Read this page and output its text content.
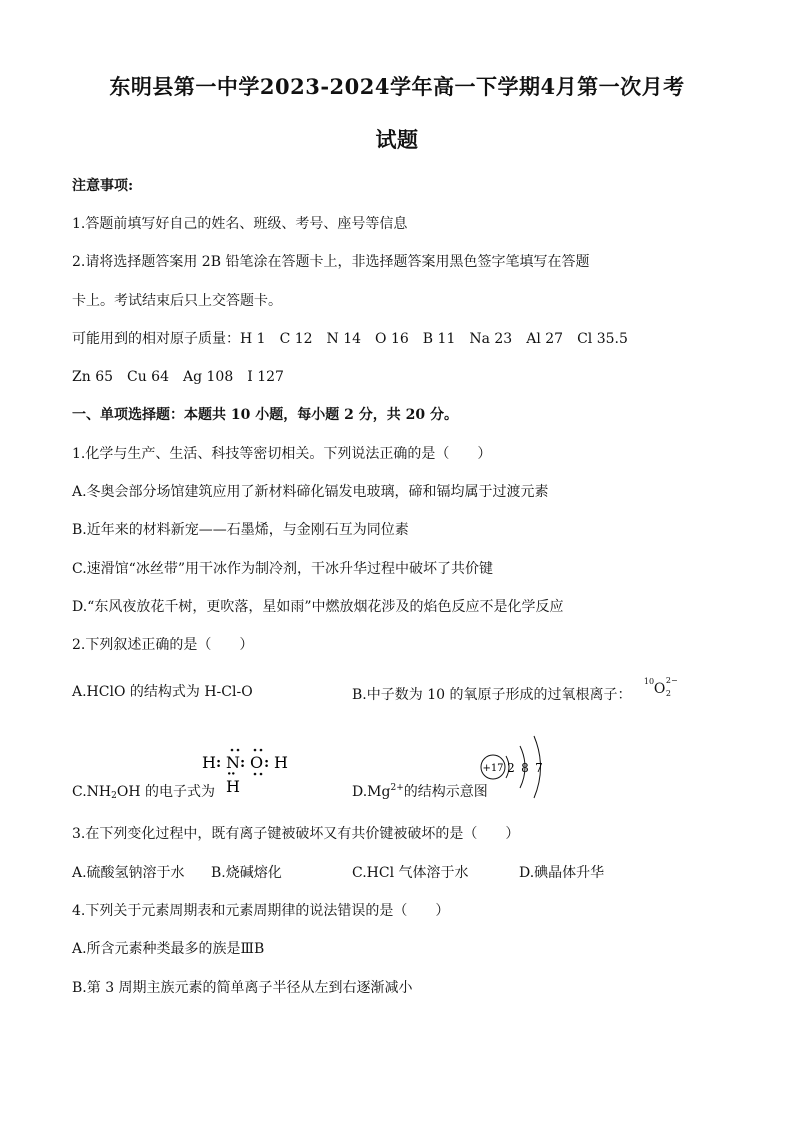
东明县第一中学2023-2024学年高一下学期4月第一次月考
试题
注意事项:
1.答题前填写好自己的姓名、班级、考号、座号等信息
2.请将选择题答案用 2B 铅笔涂在答题卡上，非选择题答案用黑色签字笔填写在答题
卡上。考试结束后只上交答题卡。
可能用到的相对原子质量：H 1　C 12　N 14　O 16　B 11　Na 23　Al 27　Cl 35.5
Zn 65　Cu 64　Ag 108　I 127
一、单项选择题：本题共 10 小题，每小题 2 分，共 20 分。
1.化学与生产、生活、科技等密切相关。下列说法正确的是（　　）
A.冬奥会部分场馆建筑应用了新材料碲化镉发电玻璃，碲和镉均属于过渡元素
B.近年来的材料新宠——石墨烯，与金刚石互为同位素
C.速滑馆“冰丝带”用干冰作为制冷剂，干冰升华过程中破坏了共价键
D.“东风夜放花千树，更吹落，星如雨”中燃放烟花涉及的焰色反应不是化学反应
2.下列叙述正确的是（　　）
A.HClO 的结构式为 H-Cl-O	B.中子数为 10 的氧原子形成的过氧根离子：
10 O 2
2−
H : N : O : H
:
H
$C.NH_2OH$ 的电子式为	$D.Mg^{2+}$的结构示意图
+17 2 8 7
3.在下列变化过程中，既有离子键被破坏又有共价键被破坏的是（　　）
A.硫酸氢钠溶于水 B.烧碱熔化	C.HCl 气体溶于水	D.碘晶体升华
4.下列关于元素周期表和元素周期律的说法错误的是（　　）
A.所含元素种类最多的族是ⅢB
B.第 3 周期主族元素的简单离子半径从左到右逐渐减小
